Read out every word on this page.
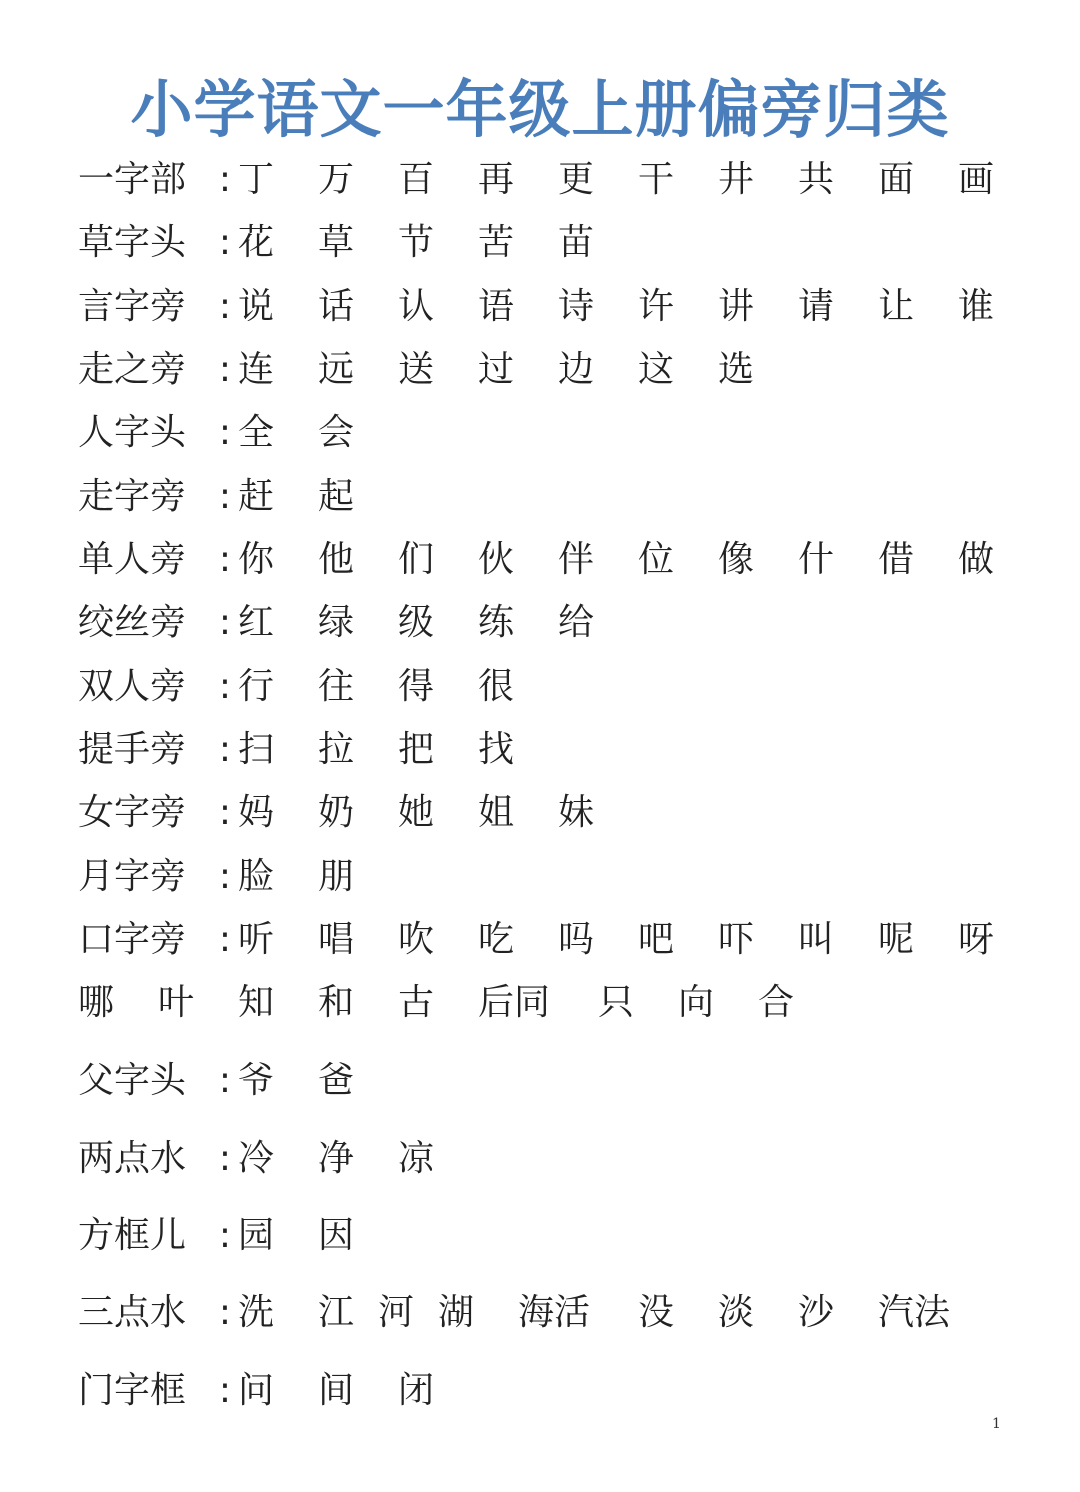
小学语文一年级上册偏旁归类
一字部 : 丁 万 百 再 更 干 井 共 面 画
草字头 : 花 草 节 苦 苗
言字旁 : 说 话 认 语 诗 许 讲 请 让 谁
走之旁 : 连 远 送 过 边 这 选
人字头 : 全 会
走字旁 : 赶 起
单人旁 : 你 他 们 伙 伴 位 像 什 借 做
绞丝旁 : 红 绿 级 练 给
双人旁 : 行 往 得 很
提手旁 : 扫 拉 把 找
女字旁 : 妈 奶 她 姐 妹
月字旁 : 脸 朋
口字旁 : 听 唱 吹 吃 吗 吧 吓 叫 呢 呀
哪 叶 知 和 古 后同 只 向 合
父字头 : 爷 爸
两点水 : 冷 净 凉
方框儿 : 园 因
三点水 : 洗 江 河 湖 海活 没 淡 沙 汽法
门字框 : 问 间 闭
1
